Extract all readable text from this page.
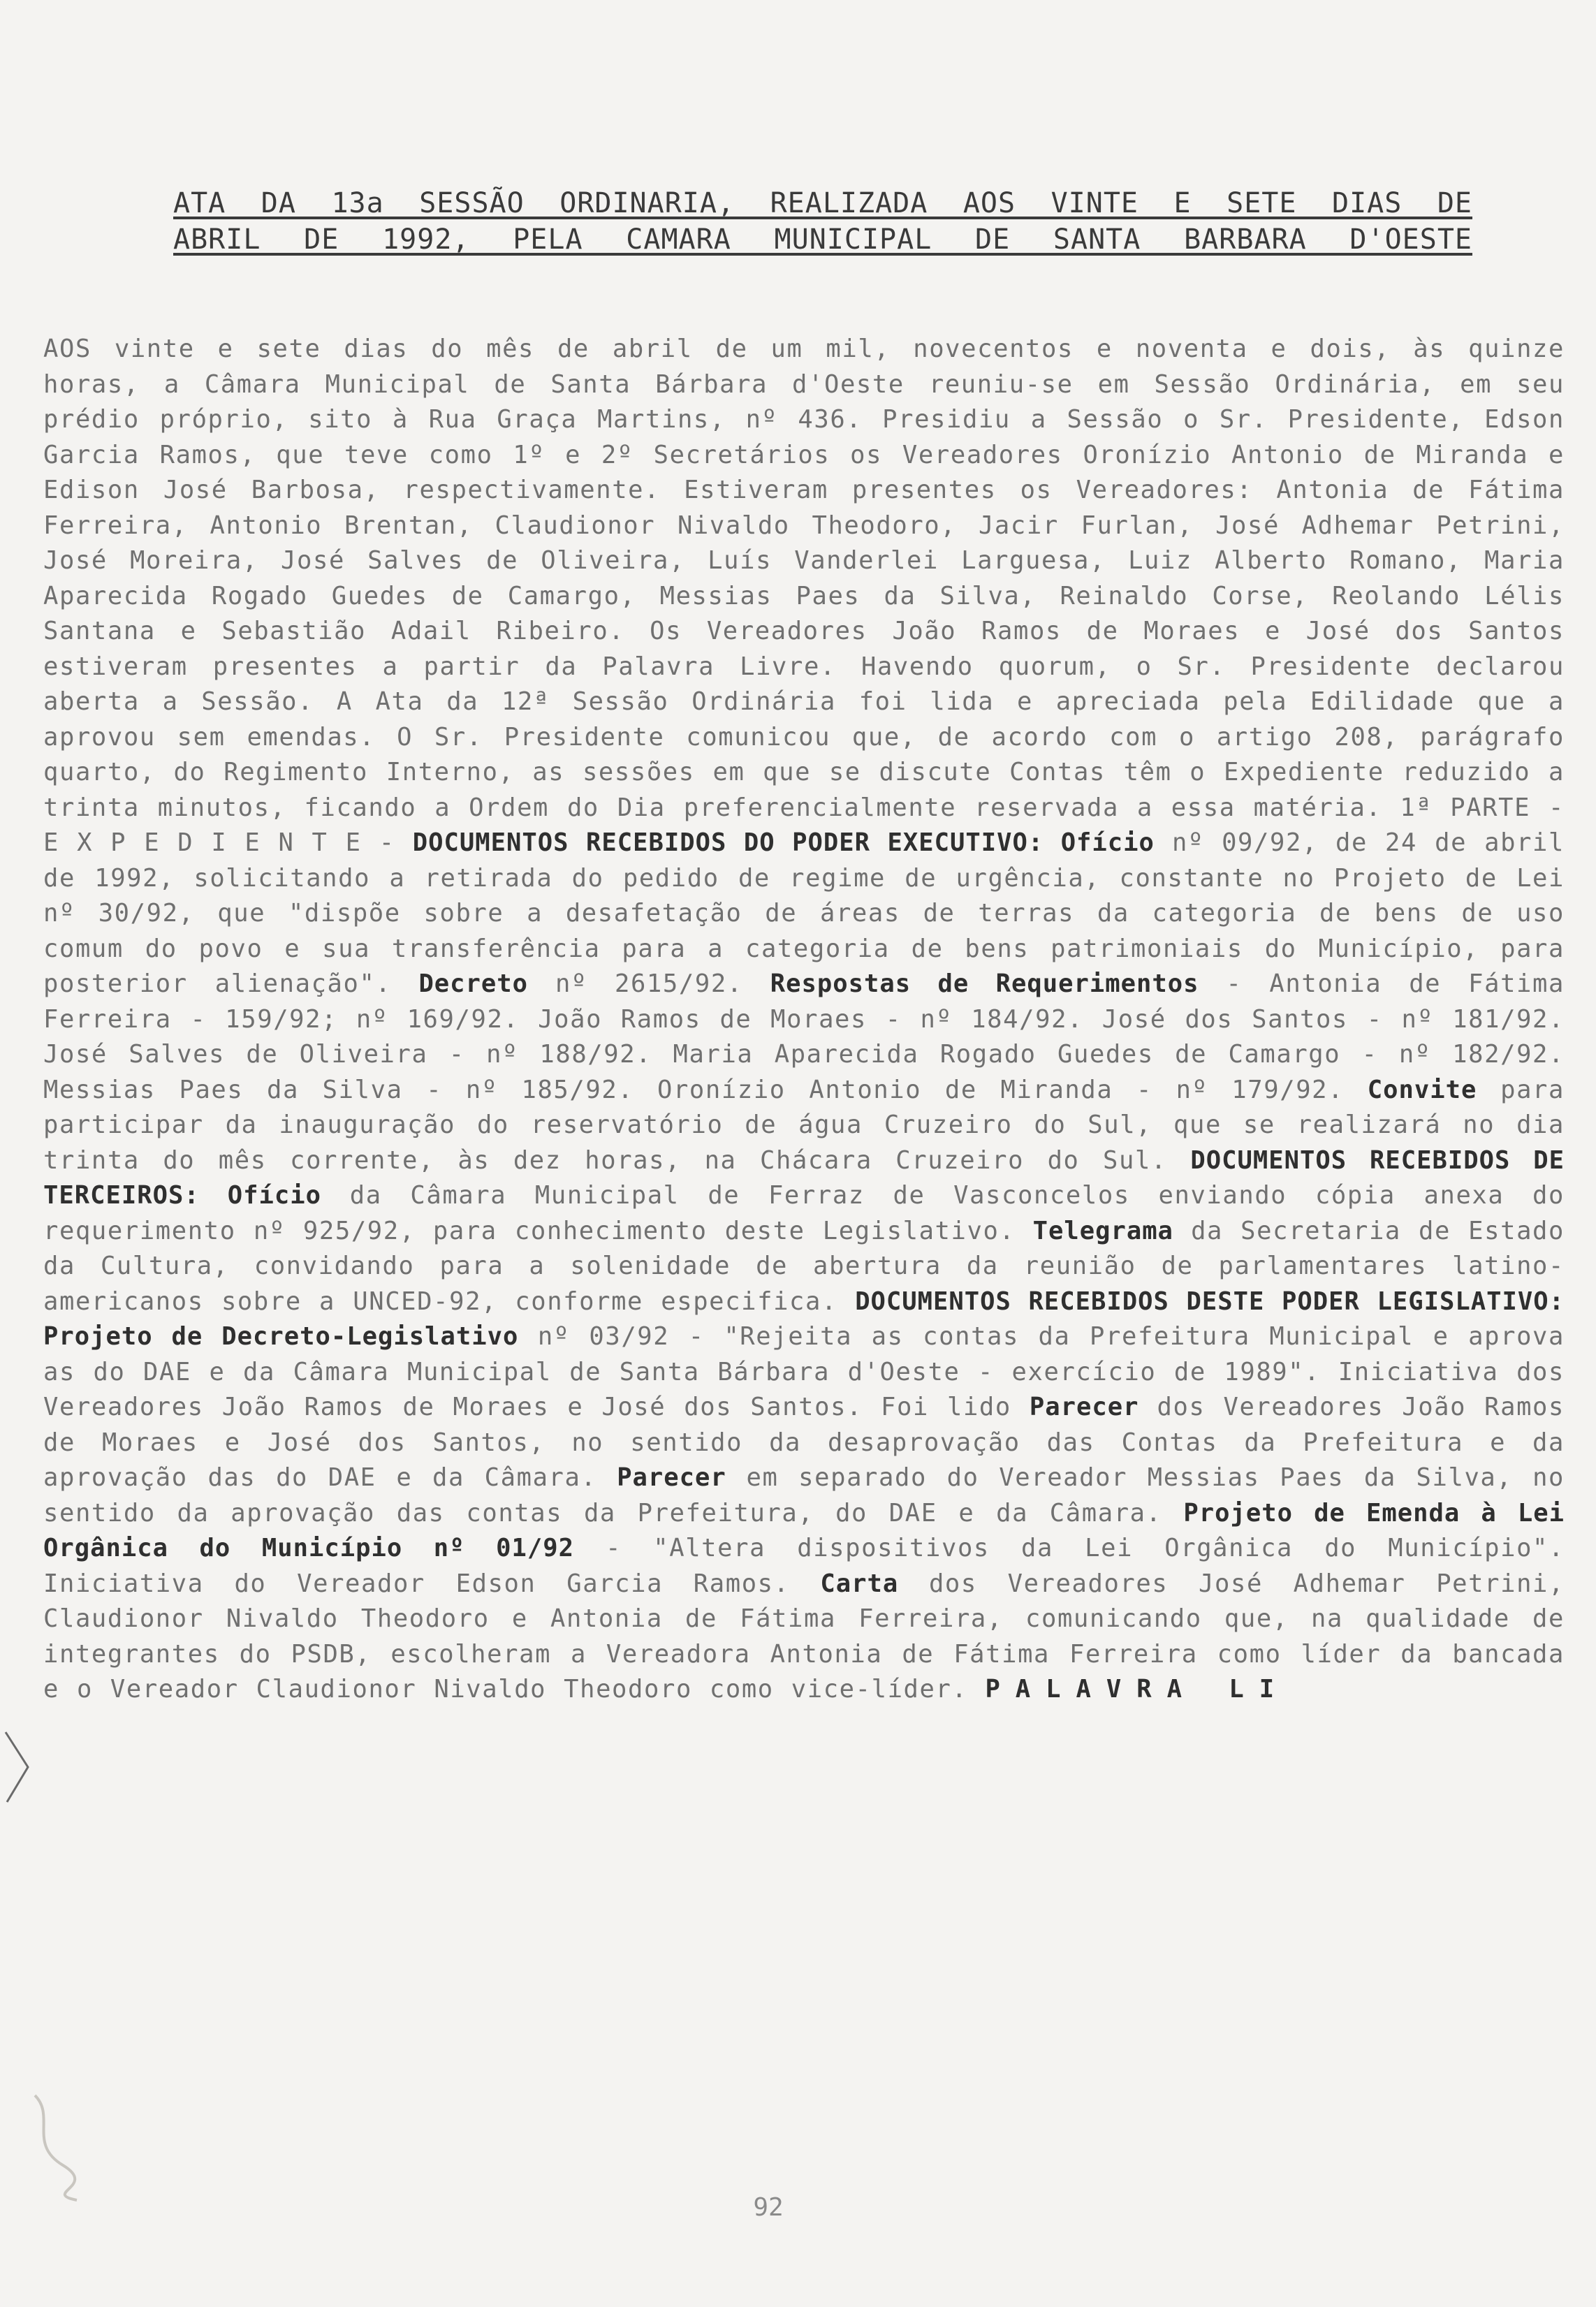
ATA DA 13a SESSÃO ORDINARIA, REALIZADA AOS VINTE E SETE DIAS DE
ABRIL DE 1992, PELA CAMARA MUNICIPAL DE SANTA BARBARA D'OESTE
AOS vinte e sete dias do mês de abril de um mil, novecentos e noventa e dois, às quinze horas, a Câmara Municipal de Santa Bárbara d'Oeste reuniu-se em Sessão Ordinária, em seu prédio próprio, sito à Rua Graça Martins, nº 436. Presidiu a Sessão o Sr. Presidente, Edson Garcia Ramos, que teve como 1º e 2º Secretários os Vereadores Oronízio Antonio de Miranda e Edison José Barbosa, respectivamente. Estiveram presentes os Vereadores: Antonia de Fátima Ferreira, Antonio Brentan, Claudionor Nivaldo Theodoro, Jacir Furlan, José Adhemar Petrini, José Moreira, José Salves de Oliveira, Luís Vanderlei Larguesa, Luiz Alberto Romano, Maria Aparecida Rogado Guedes de Camargo, Messias Paes da Silva, Reinaldo Corse, Reolando Lélis Santana e Sebastião Adail Ribeiro. Os Vereadores João Ramos de Moraes e José dos Santos estiveram presentes a partir da Palavra Livre. Havendo quorum, o Sr. Presidente declarou aberta a Sessão. A Ata da 12ª Sessão Ordinária foi lida e apreciada pela Edilidade que a aprovou sem emendas. O Sr. Presidente comunicou que, de acordo com o artigo 208, parágrafo quarto, do Regimento Interno, as sessões em que se discute Contas têm o Expediente reduzido a trinta minutos, ficando a Ordem do Dia preferencialmente reservada a essa matéria. 1ª PARTE - E X P E D I E N T E - DOCUMENTOS RECEBIDOS DO PODER EXECUTIVO: Ofício nº 09/92, de 24 de abril de 1992, solicitando a retirada do pedido de regime de urgência, constante no Projeto de Lei nº 30/92, que "dispõe sobre a desafetação de áreas de terras da categoria de bens de uso comum do povo e sua transferência para a categoria de bens patrimoniais do Município, para posterior alienação". Decreto nº 2615/92. Respostas de Requerimentos - Antonia de Fátima Ferreira - 159/92; nº 169/92. João Ramos de Moraes - nº 184/92. José dos Santos - nº 181/92. José Salves de Oliveira - nº 188/92. Maria Aparecida Rogado Guedes de Camargo - nº 182/92. Messias Paes da Silva - nº 185/92. Oronízio Antonio de Miranda - nº 179/92. Convite para participar da inauguração do reservatório de água Cruzeiro do Sul, que se realizará no dia trinta do mês corrente, às dez horas, na Chácara Cruzeiro do Sul. DOCUMENTOS RECEBIDOS DE TERCEIROS: Ofício da Câmara Municipal de Ferraz de Vasconcelos enviando cópia anexa do requerimento nº 925/92, para conhecimento deste Legislativo. Telegrama da Secretaria de Estado da Cultura, convidando para a solenidade de abertura da reunião de parlamentares latino-americanos sobre a UNCED-92, conforme especifica. DOCUMENTOS RECEBIDOS DESTE PODER LEGISLATIVO: Projeto de Decreto-Legislativo nº 03/92 - "Rejeita as contas da Prefeitura Municipal e aprova as do DAE e da Câmara Municipal de Santa Bárbara d'Oeste - exercício de 1989". Iniciativa dos Vereadores João Ramos de Moraes e José dos Santos. Foi lido Parecer dos Vereadores João Ramos de Moraes e José dos Santos, no sentido da desaprovação das Contas da Prefeitura e da aprovação das do DAE e da Câmara. Parecer em separado do Vereador Messias Paes da Silva, no sentido da aprovação das contas da Prefeitura, do DAE e da Câmara. Projeto de Emenda à Lei Orgânica do Município nº 01/92 - "Altera dispositivos da Lei Orgânica do Município". Iniciativa do Vereador Edson Garcia Ramos. Carta dos Vereadores José Adhemar Petrini, Claudionor Nivaldo Theodoro e Antonia de Fátima Ferreira, comunicando que, na qualidade de integrantes do PSDB, escolheram a Vereadora Antonia de Fátima Ferreira como líder da bancada e o Vereador Claudionor Nivaldo Theodoro como vice-líder. PALAVRA LI
92
